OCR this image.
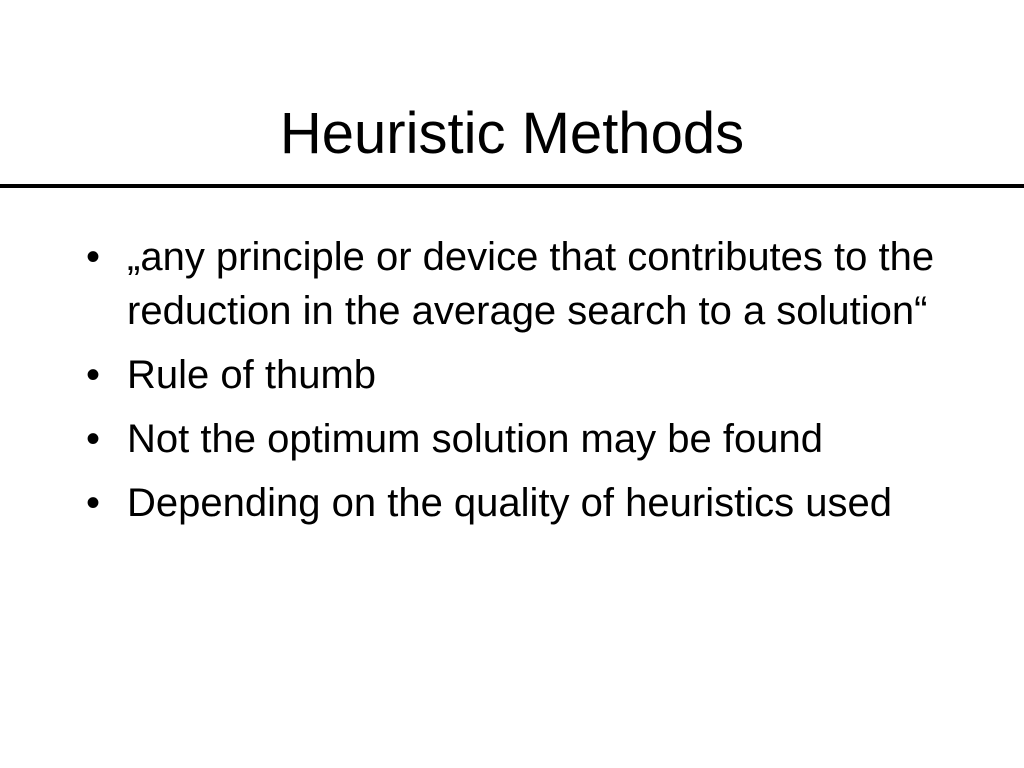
Heuristic Methods
• „any principle or device that contributes to the reduction in the average search to a solution“
• Rule of thumb
• Not the optimum solution may be found
• Depending on the quality of heuristics used
